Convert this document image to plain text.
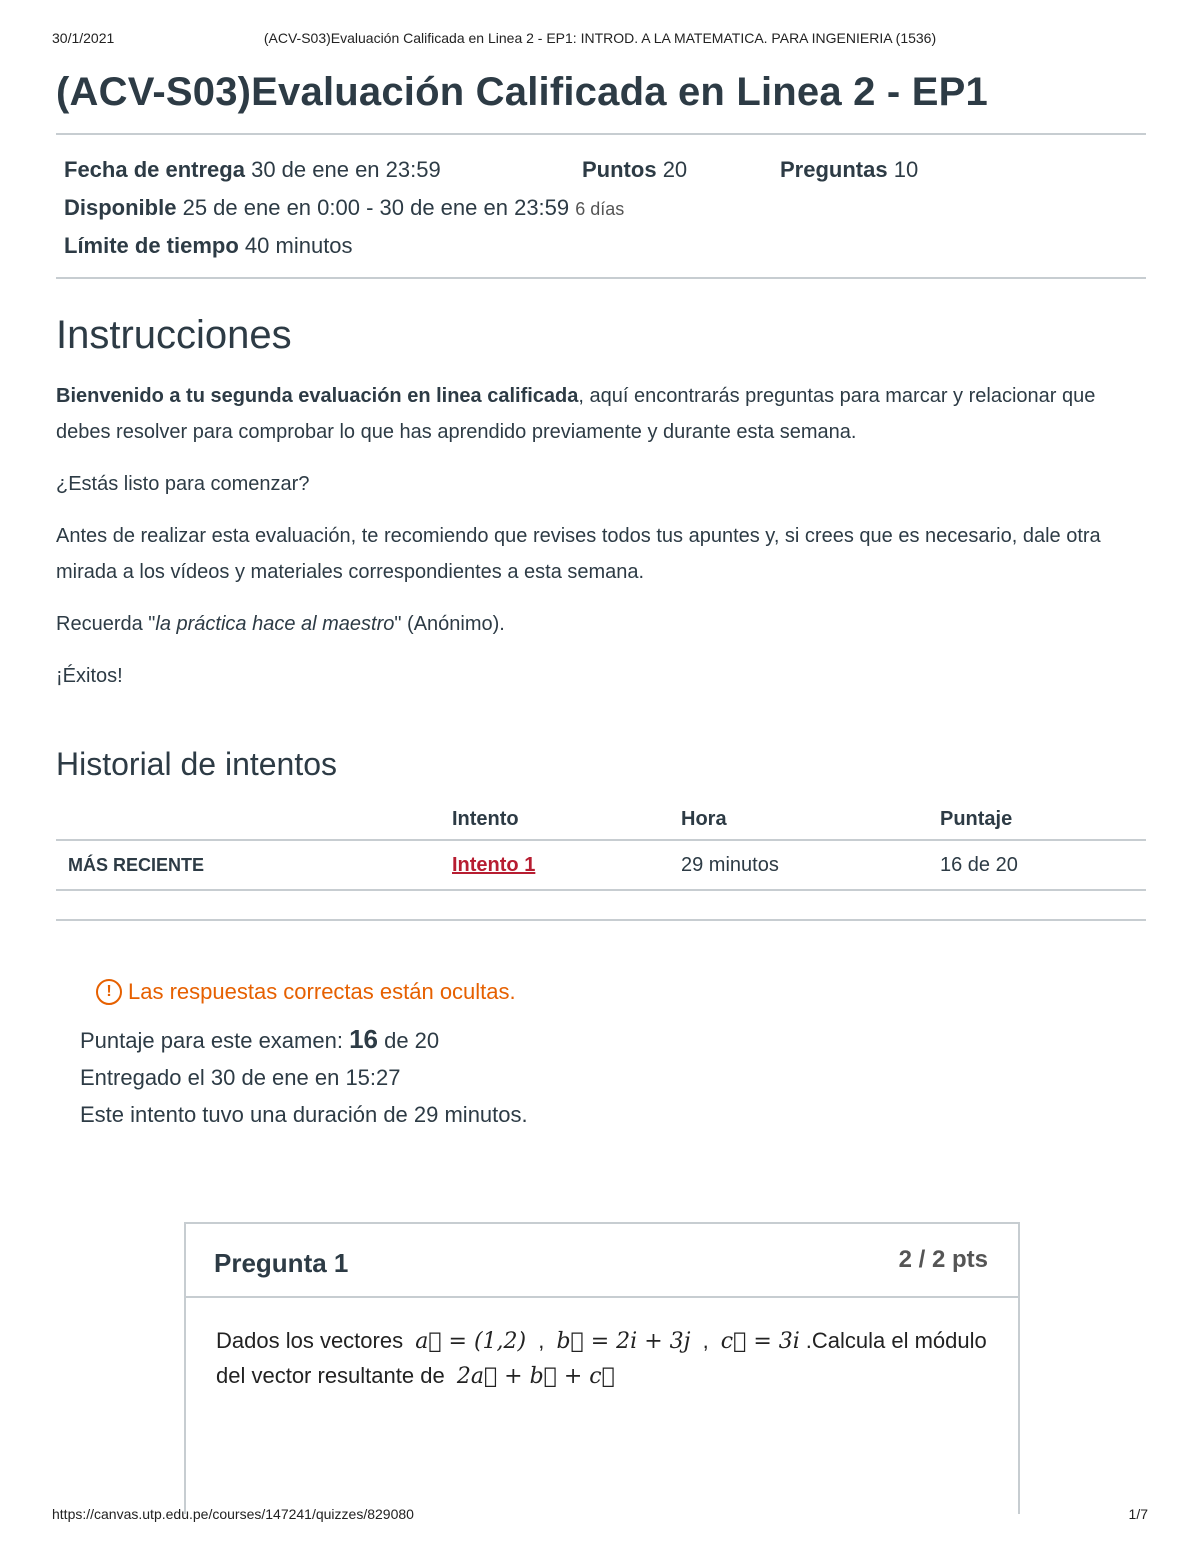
30/1/2021	(ACV-S03)Evaluación Calificada en Linea 2 - EP1: INTROD. A LA MATEMATICA. PARA INGENIERIA (1536)
(ACV-S03)Evaluación Calificada en Linea 2 - EP1
Fecha de entrega 30 de ene en 23:59	Puntos 20	Preguntas 10
Disponible 25 de ene en 0:00 - 30 de ene en 23:59 6 días
Límite de tiempo 40 minutos
Instrucciones

Bienvenido a tu segunda evaluación en linea calificada, aquí encontrarás preguntas para marcar y relacionar que debes resolver para comprobar lo que has aprendido previamente y durante esta semana.

¿Estás listo para comenzar?

Antes de realizar esta evaluación, te recomiendo que revises todos tus apuntes y, si crees que es necesario, dale otra mirada a los vídeos y materiales correspondientes a esta semana.

Recuerda "la práctica hace al maestro" (Anónimo).

¡Éxitos!

Historial de intentos
	Intento	Hora	Puntaje
MÁS RECIENTE	Intento 1	29 minutos	16 de 20
! Las respuestas correctas están ocultas.
Puntaje para este examen: 16 de 20
Entregado el 30 de ene en 15:27
Este intento tuvo una duración de 29 minutos.
Pregunta 1	2 / 2 pts
Dados los vectores a⃗ = (1,2) , b⃗ = 2i + 3j , c⃗ = 3i .Calcula el módulo
del vector resultante de 2a⃗ + b⃗ + c⃗
https://canvas.utp.edu.pe/courses/147241/quizzes/829080	1/7
